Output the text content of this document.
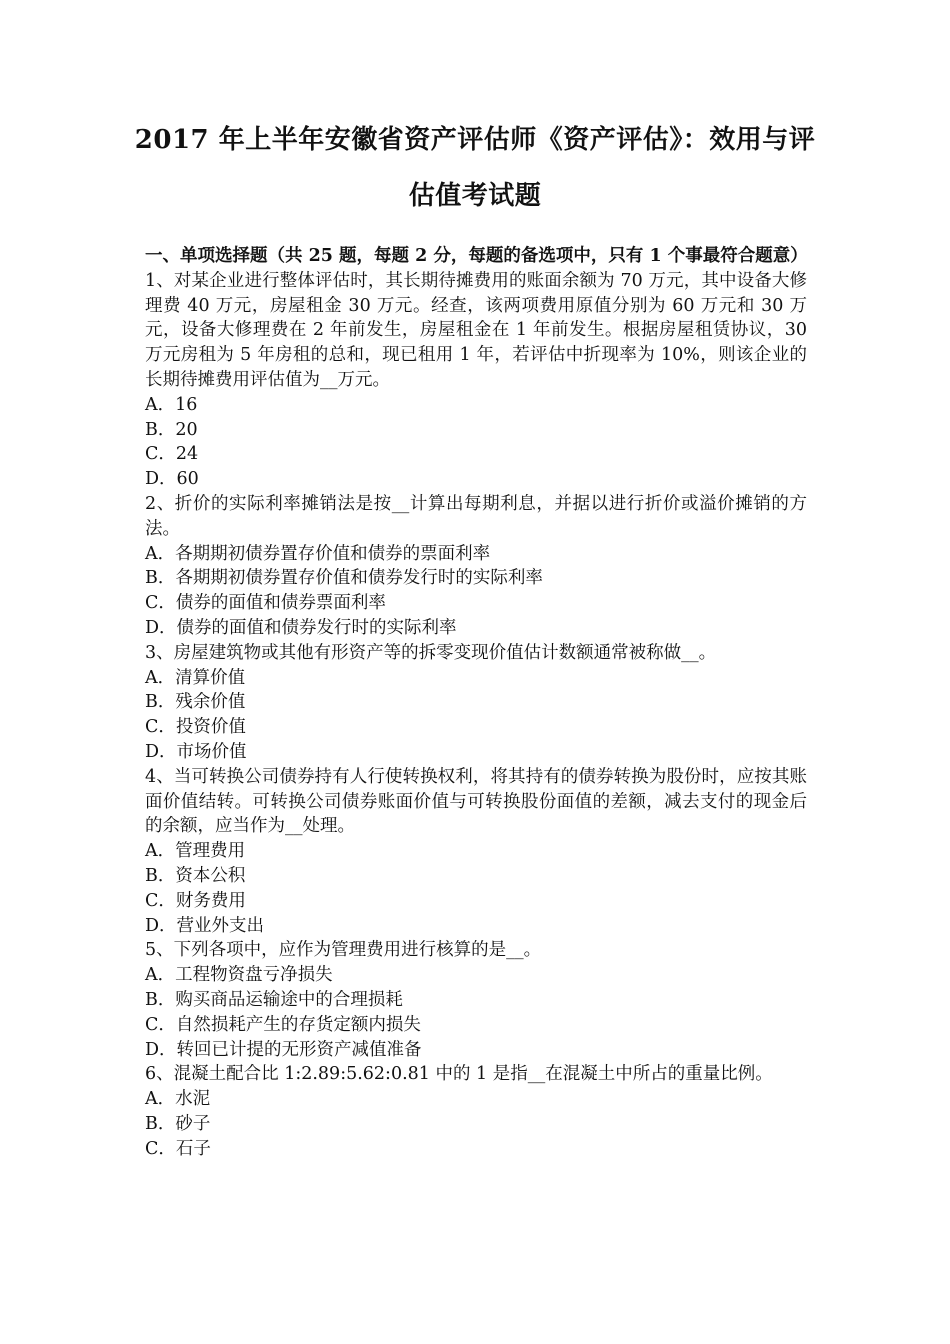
2017 年上半年安徽省资产评估师《资产评估》：效用与评
估值考试题
一、单项选择题（共 25 题，每题 2 分，每题的备选项中，只有 1 个事最符合题意）
1、对某企业进行整体评估时，其长期待摊费用的账面余额为 70 万元，其中设备大修理费 40 万元，房屋租金 30 万元。经查，该两项费用原值分别为 60 万元和 30 万元，设备大修理费在 2 年前发生，房屋租金在 1 年前发生。根据房屋租赁协议，30 万元房租为 5 年房租的总和，现已租用 1 年，若评估中折现率为 10%，则该企业的长期待摊费用评估值为__万元。
A．16
B．20
C．24
D．60
2、折价的实际利率摊销法是按__计算出每期利息，并据以进行折价或溢价摊销的方法。
A．各期期初债券置存价值和债券的票面利率
B．各期期初债券置存价值和债券发行时的实际利率
C．债券的面值和债券票面利率
D．债券的面值和债券发行时的实际利率
3、房屋建筑物或其他有形资产等的拆零变现价值估计数额通常被称做__。
A．清算价值
B．残余价值
C．投资价值
D．市场价值
4、当可转换公司债券持有人行使转换权利，将其持有的债券转换为股份时，应按其账面价值结转。可转换公司债券账面价值与可转换股份面值的差额，减去支付的现金后的余额，应当作为__处理。
A．管理费用
B．资本公积
C．财务费用
D．营业外支出
5、下列各项中，应作为管理费用进行核算的是__。
A．工程物资盘亏净损失
B．购买商品运输途中的合理损耗
C．自然损耗产生的存货定额内损失
D．转回已计提的无形资产减值准备
6、混凝土配合比 1:2.89:5.62:0.81 中的 1 是指__在混凝土中所占的重量比例。
A．水泥
B．砂子
C．石子
